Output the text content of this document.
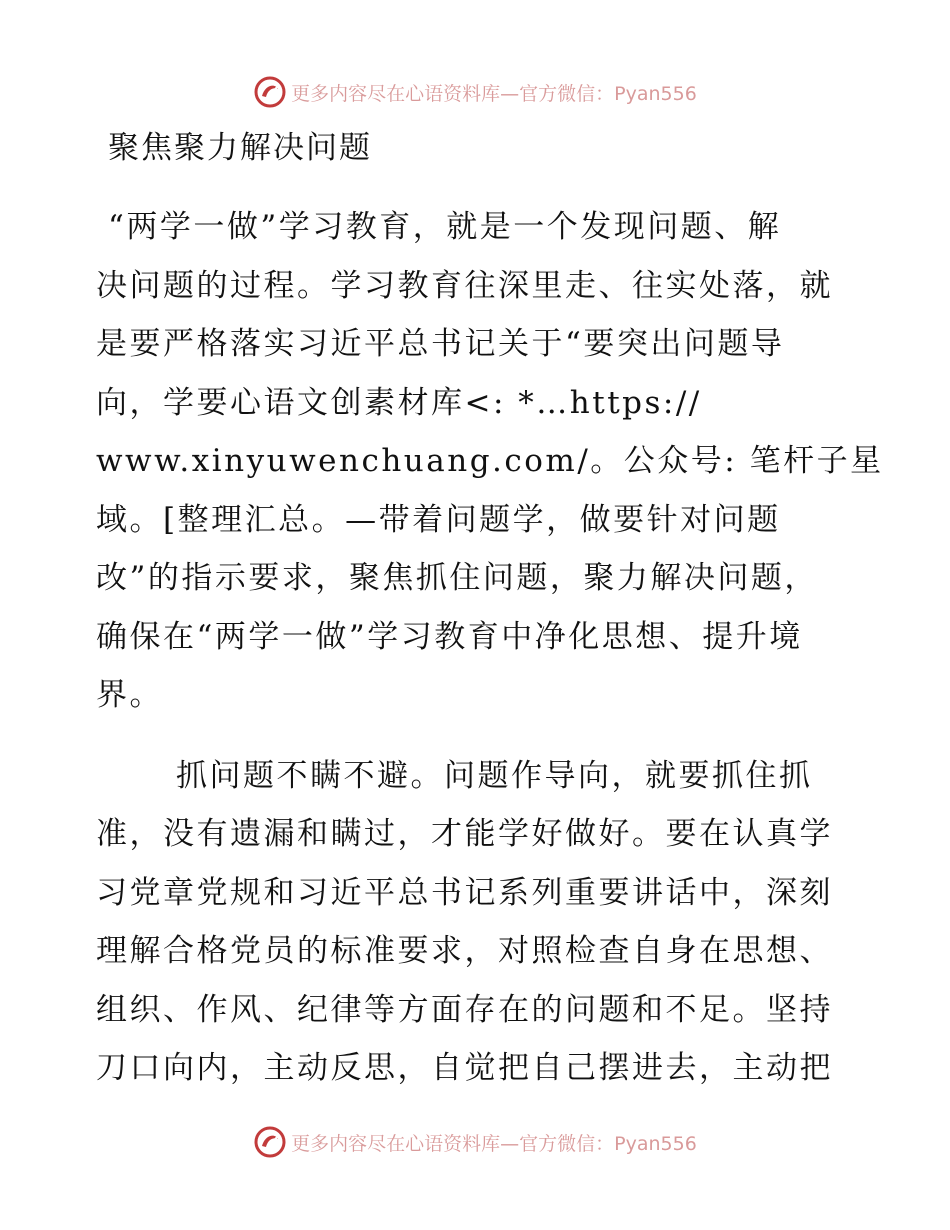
更多内容尽在心语资料库—官方微信：Pyan556
聚焦聚力解决问题

“两学一做”学习教育，就是一个发现问题、解
决问题的过程。学习教育往深里走、往实处落，就
是要严格落实习近平总书记关于“要突出问题导
向，学要心语文创素材库<: *…https://
www.xinyuwenchuang.com/。公众号: 笔杆子星
域。[整理汇总。—带着问题学，做要针对问题
改”的指示要求，聚焦抓住问题，聚力解决问题，
确保在“两学一做”学习教育中净化思想、提升境
界。

抓问题不瞒不避。问题作导向，就要抓住抓
准，没有遗漏和瞒过，才能学好做好。要在认真学
习党章党规和习近平总书记系列重要讲话中，深刻
理解合格党员的标准要求，对照检查自身在思想、
组织、作风、纪律等方面存在的问题和不足。坚持
刀口向内，主动反思，自觉把自己摆进去，主动把

更多内容尽在心语资料库—官方微信：Pyan556
